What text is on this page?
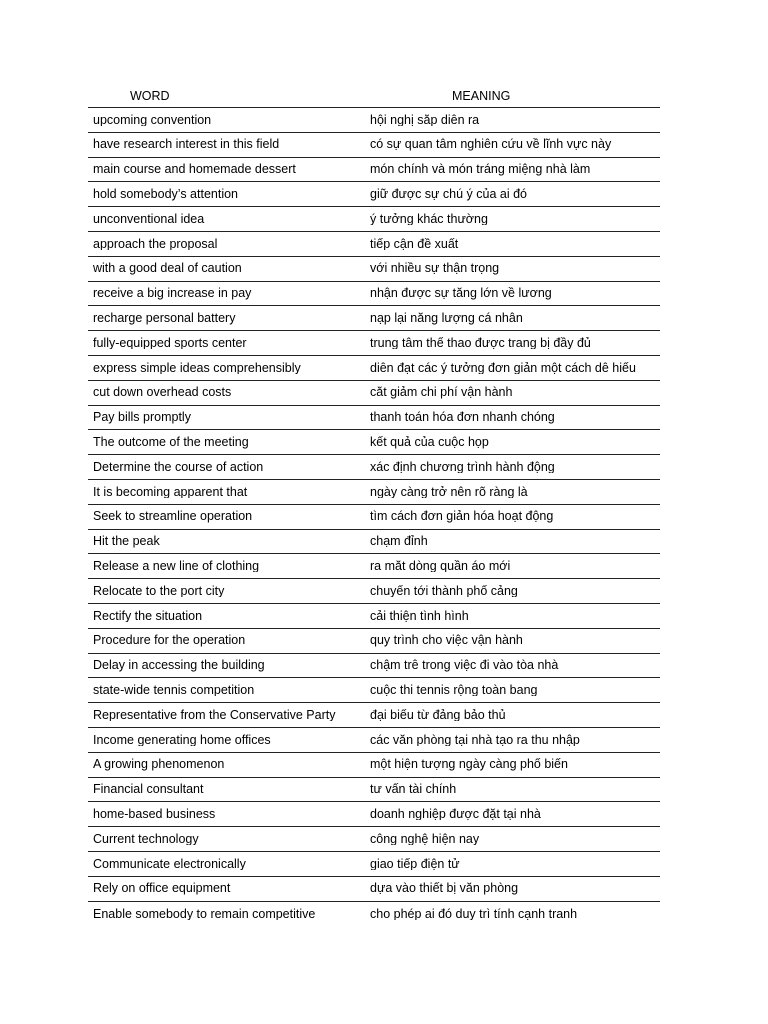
WORD	MEANING
upcoming convention	hội nghị sắp diễn ra
have research interest in this field	có sự quan tâm nghiên cứu về lĩnh vực này
main course and homemade dessert	món chính và món tráng miệng nhà làm
hold somebody’s attention	giữ được sự chú ý của ai đó
unconventional idea	ý tưởng khác thường
approach the proposal	tiếp cận đề xuất
with a good deal of caution	với nhiều sự thận trọng
receive a big increase in pay	nhận được sự tăng lớn về lương
recharge personal battery	nạp lại năng lượng cá nhân
fully-equipped sports center	trung tâm thể thao được trang bị đầy đủ
express simple ideas comprehensibly	diễn đạt các ý tưởng đơn giản một cách dễ hiểu
cut down overhead costs	cắt giảm chi phí vận hành
Pay bills promptly	thanh toán hóa đơn nhanh chóng
The outcome of the meeting	kết quả của cuộc họp
Determine the course of action	xác định chương trình hành động
It is becoming apparent that	ngày càng trở nên rõ ràng là
Seek to streamline operation	tìm cách đơn giản hóa hoạt động
Hit the peak	chạm đỉnh
Release a new line of clothing	ra mắt dòng quần áo mới
Relocate to the port city	chuyển tới thành phố cảng
Rectify the situation	cải thiện tình hình
Procedure for the operation	quy trình cho việc vận hành
Delay in accessing the building	chậm trễ trong việc đi vào tòa nhà
state-wide tennis competition	cuộc thi tennis rộng toàn bang
Representative from the Conservative Party	đại biểu từ đảng bảo thủ
Income generating home offices	các văn phòng tại nhà tạo ra thu nhập
A growing phenomenon	một hiện tượng ngày càng phổ biến
Financial consultant	tư vấn tài chính
home-based business	doanh nghiệp được đặt tại nhà
Current technology	công nghệ hiện nay
Communicate electronically	giao tiếp điện tử
Rely on office equipment	dựa vào thiết bị văn phòng
Enable somebody to remain competitive	cho phép ai đó duy trì tính cạnh tranh
